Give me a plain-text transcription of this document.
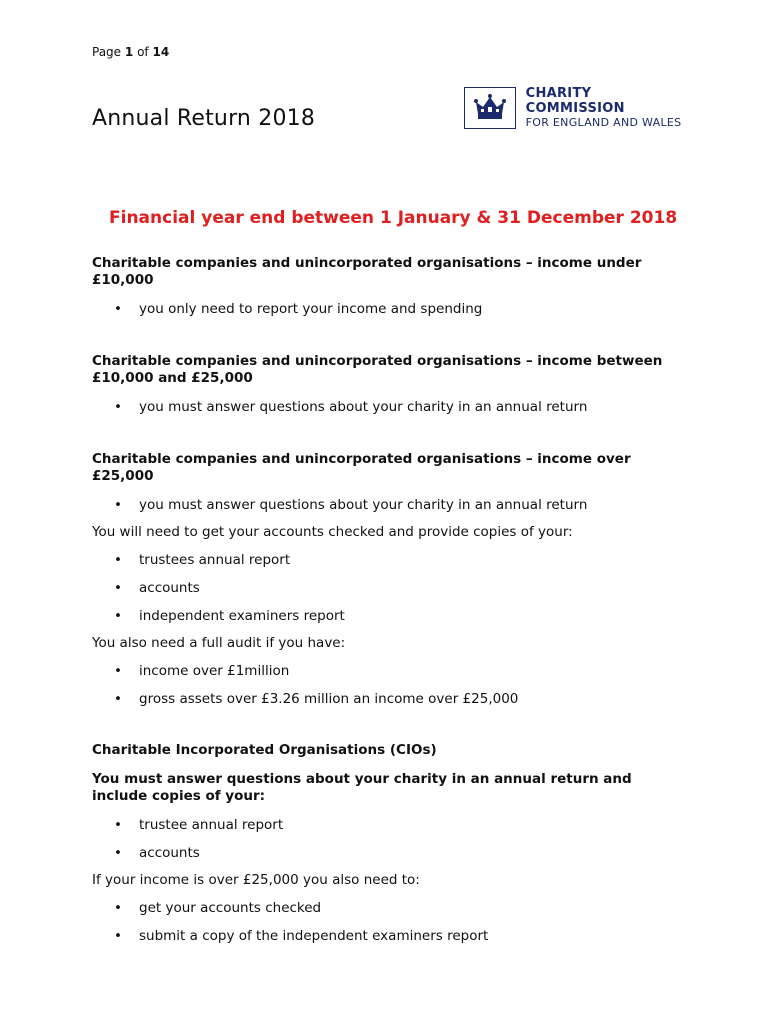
Page 1 of 14
Annual Return 2018
CHARITY COMMISSION
FOR ENGLAND AND WALES
Financial year end between 1 January & 31 December 2018

Charitable companies and unincorporated organisations – income under £10,000

• you only need to report your income and spending

Charitable companies and unincorporated organisations – income between £10,000 and £25,000

• you must answer questions about your charity in an annual return

Charitable companies and unincorporated organisations – income over £25,000

• you must answer questions about your charity in an annual return

You will need to get your accounts checked and provide copies of your:

• trustees annual report
• accounts
• independent examiners report

You also need a full audit if you have:

• income over £1million
• gross assets over £3.26 million an income over £25,000

Charitable Incorporated Organisations (CIOs)

You must answer questions about your charity in an annual return and include copies of your:

• trustee annual report
• accounts

If your income is over £25,000 you also need to:

• get your accounts checked
• submit a copy of the independent examiners report
